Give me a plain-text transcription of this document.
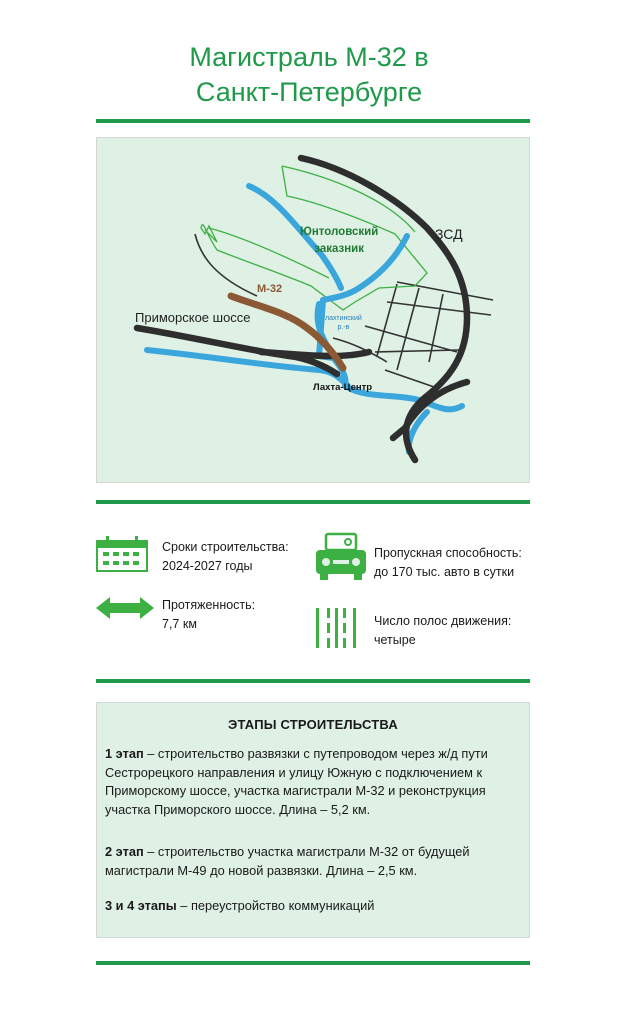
Магистраль М-32 в
Санкт-Петербурге
ЗСД
Юнтоловский
заказник
М-32
Приморское шоссе	лахтинский
р.-в
Лахта-Центр
Сроки строительства:
2024-2027 годы
Пропускная способность:
до 170 тыс. авто в сутки
Протяженность:
7,7 км	Число полос движения:
четыре
ЭТАПЫ СТРОИТЕЛЬСТВА
1 этап – строительство развязки с путепроводом через ж/д пути Сестрорецкого направления и улицу Южную с подключением к Приморскому шоссе, участка магистрали М-32 и реконструкция участка Приморского шоссе. Длина – 5,2 км.
2 этап – строительство участка магистрали М-32 от будущей магистрали М-49 до новой развязки. Длина – 2,5 км.
3 и 4 этапы – переустройство коммуникаций
